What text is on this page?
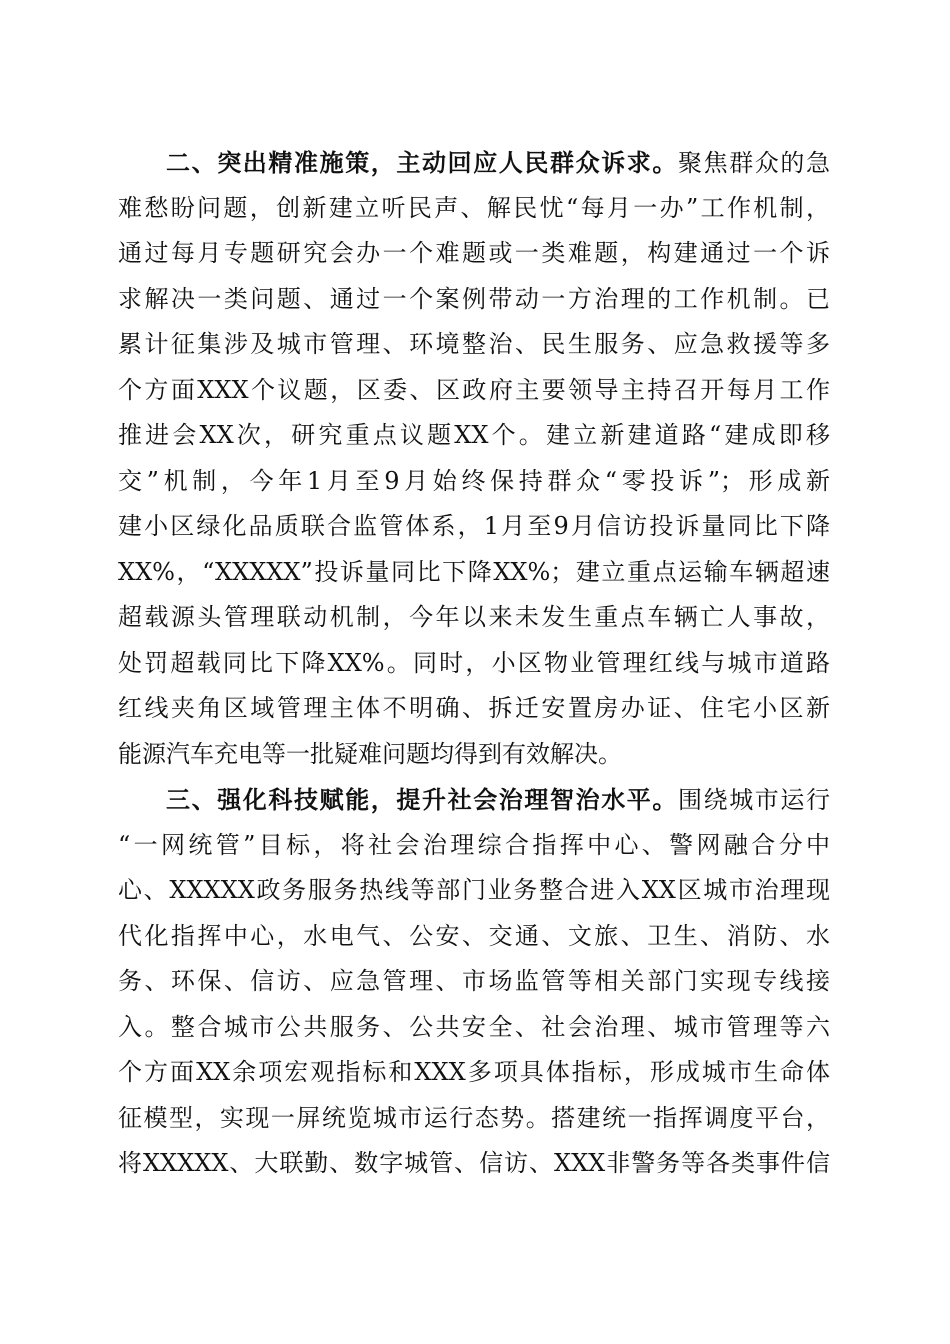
二、突出精准施策，主动回应人民群众诉求。聚焦群众的急
难愁盼问题，创新建立听民声、解民忧“每月一办”工作机制，
通过每月专题研究会办一个难题或一类难题，构建通过一个诉
求解决一类问题、通过一个案例带动一方治理的工作机制。已
累计征集涉及城市管理、环境整治、民生服务、应急救援等多
个方面XXX个议题，区委、区政府主要领导主持召开每月工作
推进会XX次，研究重点议题XX个。建立新建道路“建成即移
交”机制，今年1月至9月始终保持群众“零投诉”；形成新
建小区绿化品质联合监管体系，1月至9月信访投诉量同比下降
XX%，“XXXXX”投诉量同比下降XX%；建立重点运输车辆超速
超载源头管理联动机制，今年以来未发生重点车辆亡人事故，
处罚超载同比下降XX%。同时，小区物业管理红线与城市道路
红线夹角区域管理主体不明确、拆迁安置房办证、住宅小区新
能源汽车充电等一批疑难问题均得到有效解决。
三、强化科技赋能，提升社会治理智治水平。围绕城市运行
“一网统管”目标，将社会治理综合指挥中心、警网融合分中
心、XXXXX政务服务热线等部门业务整合进入XX区城市治理现
代化指挥中心，水电气、公安、交通、文旅、卫生、消防、水
务、环保、信访、应急管理、市场监管等相关部门实现专线接
入。整合城市公共服务、公共安全、社会治理、城市管理等六
个方面XX余项宏观指标和XXX多项具体指标，形成城市生命体
征模型，实现一屏统览城市运行态势。搭建统一指挥调度平台，
将XXXXX、大联勤、数字城管、信访、XXX非警务等各类事件信
